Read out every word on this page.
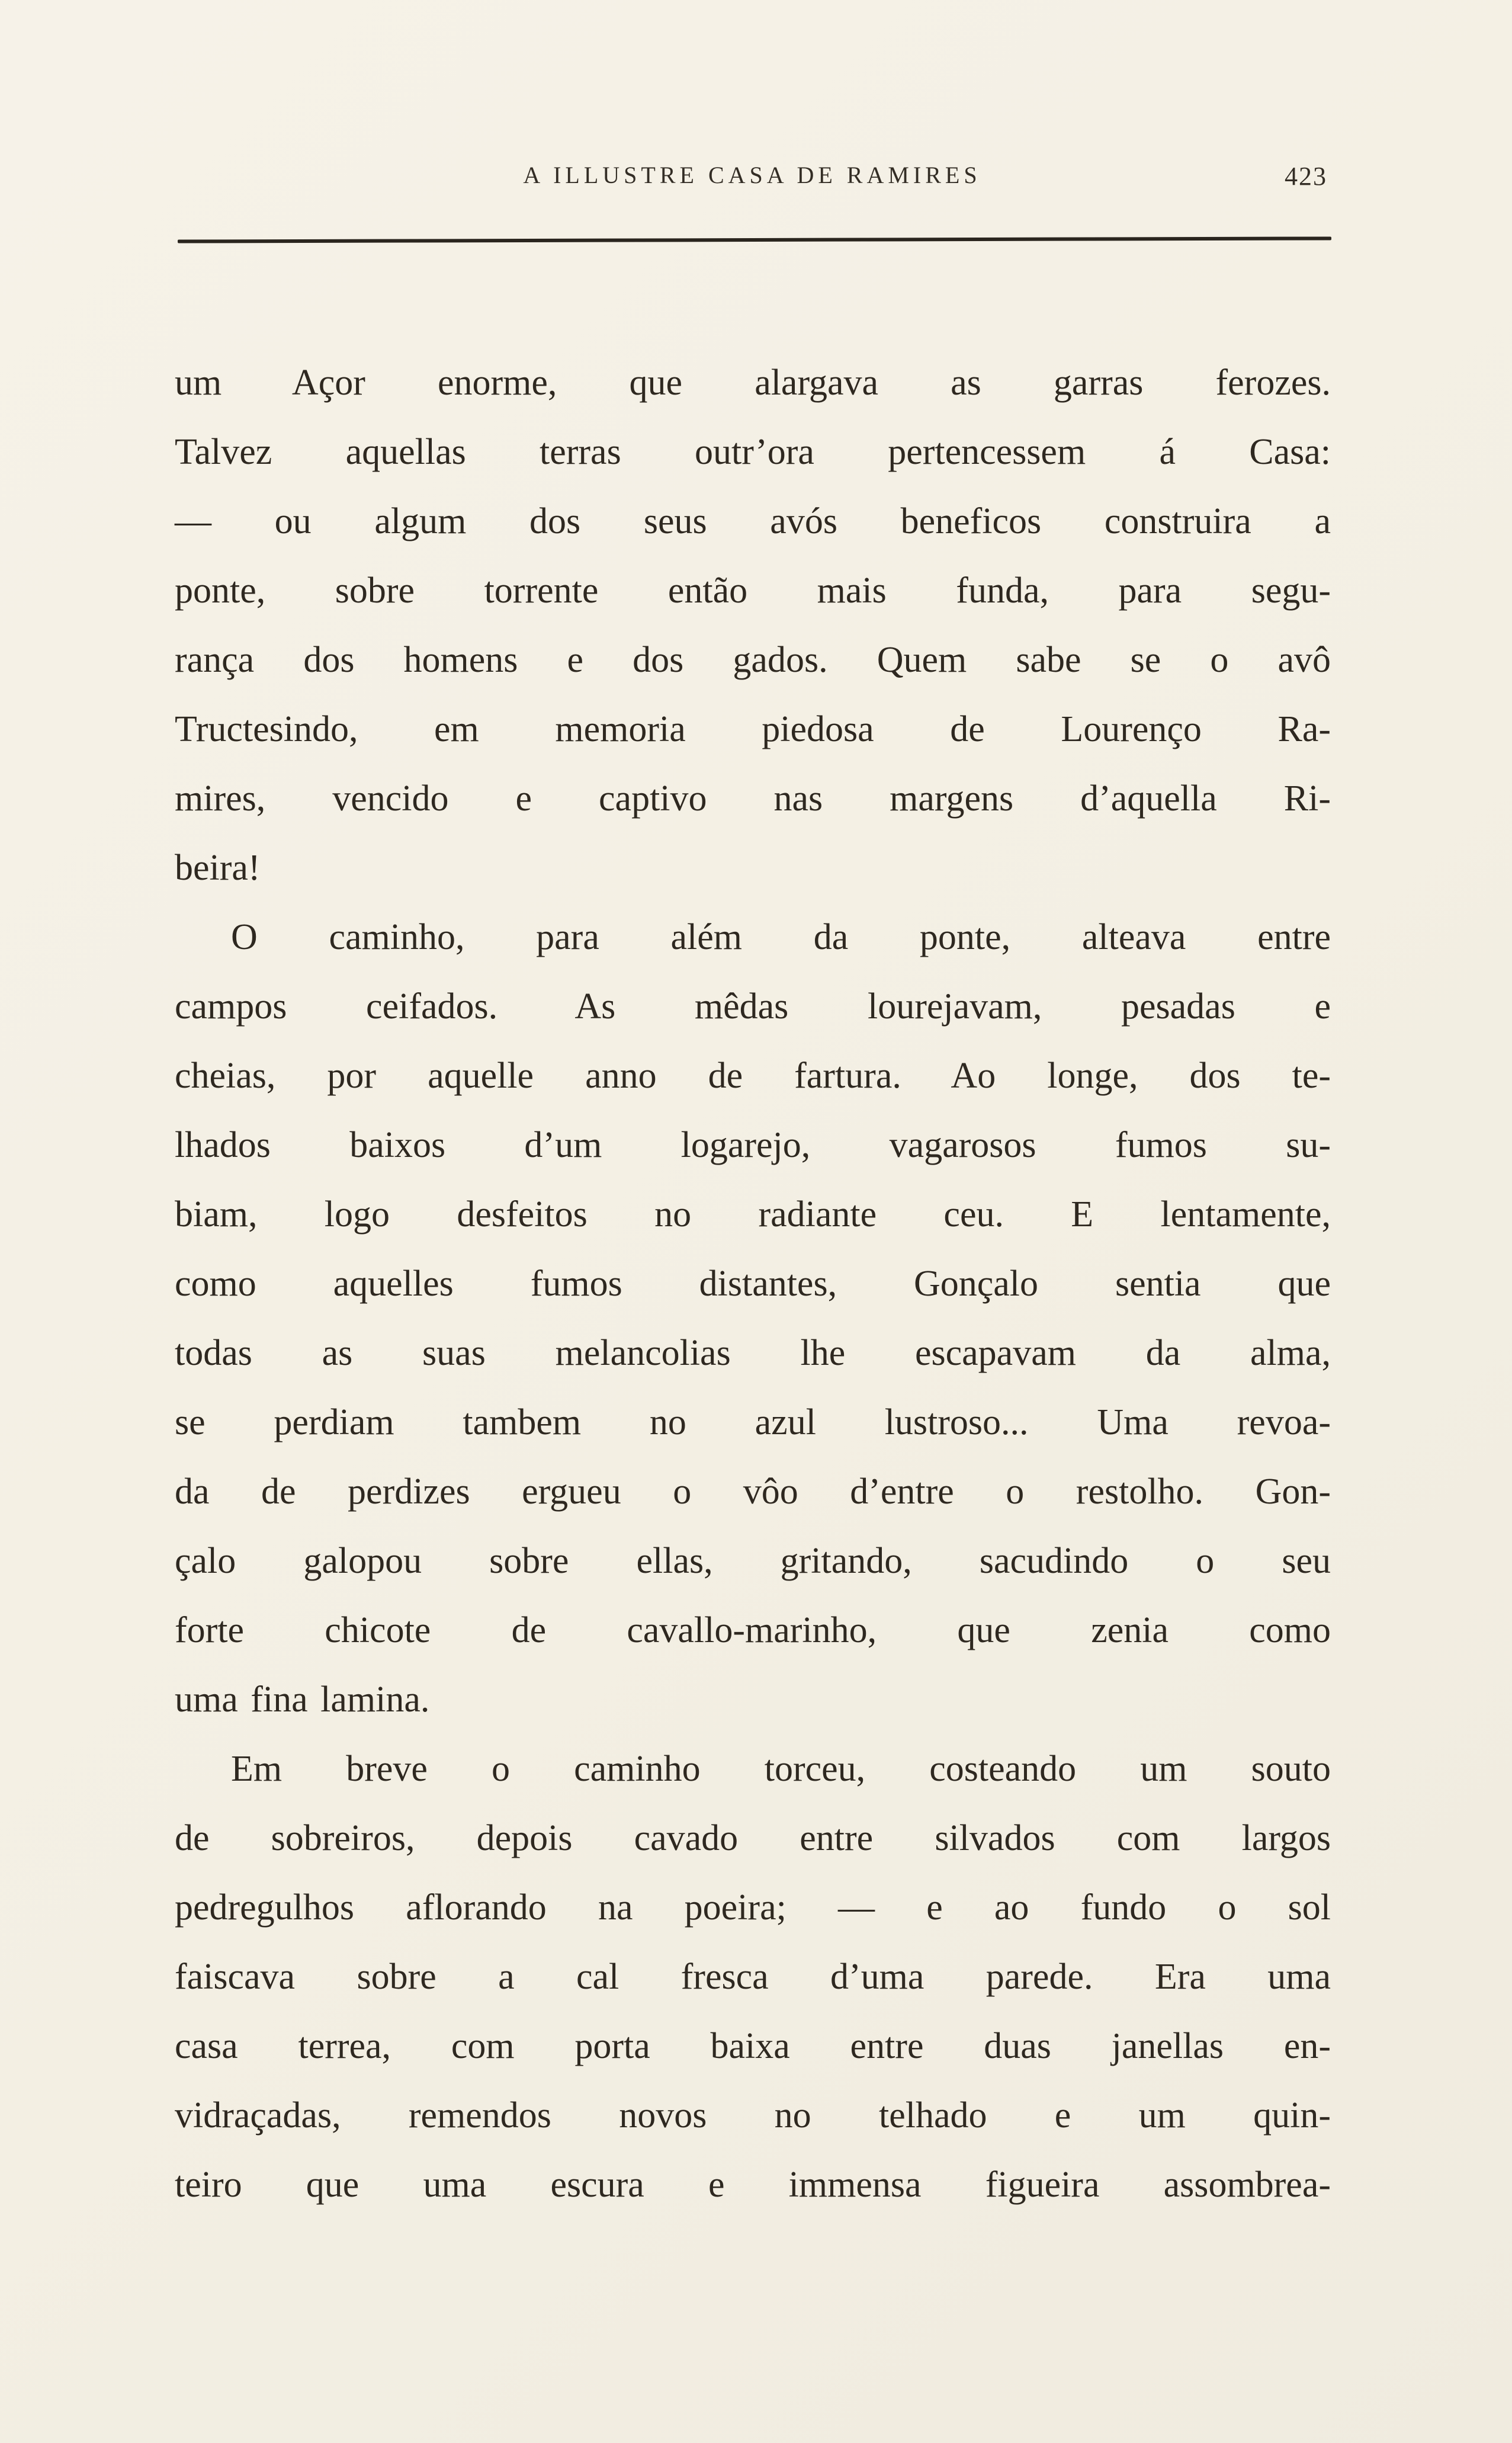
A ILLUSTRE CASA DE RAMIRES	423
um Açor enorme, que alargava as garras ferozes.
Talvez aquellas terras outr’ora pertencessem á Casa:
— ou algum dos seus avós beneficos construira a
ponte, sobre torrente então mais funda, para segu-
rança dos homens e dos gados. Quem sabe se o avô
Tructesindo, em memoria piedosa de Lourenço Ra-
mires, vencido e captivo nas margens d’aquella Ri-
beira!
O caminho, para além da ponte, alteava entre
campos ceifados. As mêdas lourejavam, pesadas e
cheias, por aquelle anno de fartura. Ao longe, dos te-
lhados baixos d’um logarejo, vagarosos fumos su-
biam, logo desfeitos no radiante ceu. E lentamente,
como aquelles fumos distantes, Gonçalo sentia que
todas as suas melancolias lhe escapavam da alma,
se perdiam tambem no azul lustroso... Uma revoa-
da de perdizes ergueu o vôo d’entre o restolho. Gon-
çalo galopou sobre ellas, gritando, sacudindo o seu
forte chicote de cavallo-marinho, que zenia como
uma fina lamina.
Em breve o caminho torceu, costeando um souto
de sobreiros, depois cavado entre silvados com largos
pedregulhos aflorando na poeira; — e ao fundo o sol
faiscava sobre a cal fresca d’uma parede. Era uma
casa terrea, com porta baixa entre duas janellas en-
vidraçadas, remendos novos no telhado e um quin-
teiro que uma escura e immensa figueira assombrea-
